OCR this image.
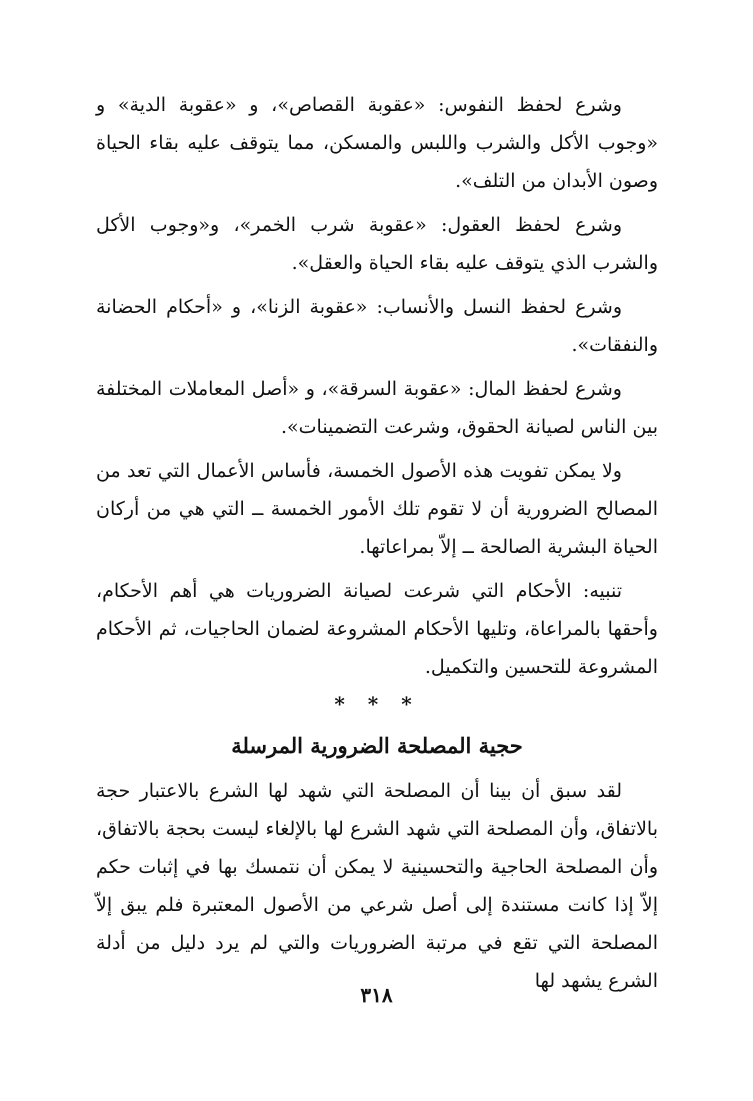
وشرع لحفظ النفوس: «عقوبة القصاص»، و «عقوبة الدية» و «وجوب الأكل والشرب واللبس والمسكن، مما يتوقف عليه بقاء الحياة وصون الأبدان من التلف».

وشرع لحفظ العقول: «عقوبة شرب الخمر»، و«وجوب الأكل والشرب الذي يتوقف عليه بقاء الحياة والعقل».

وشرع لحفظ النسل والأنساب: «عقوبة الزنا»، و «أحكام الحضانة والنفقات».

وشرع لحفظ المال: «عقوبة السرقة»، و «أصل المعاملات المختلفة بين الناس لصيانة الحقوق، وشرعت التضمينات».

ولا يمكن تفويت هذه الأصول الخمسة، فأساس الأعمال التي تعد من المصالح الضرورية أن لا تقوم تلك الأمور الخمسة ــ التي هي من أركان الحياة البشرية الصالحة ــ إلاّ بمراعاتها.

تنبيه: الأحكام التي شرعت لصيانة الضروريات هي أهم الأحكام، وأحقها بالمراعاة، وتليها الأحكام المشروعة لضمان الحاجيات، ثم الأحكام المشروعة للتحسين والتكميل.

* * *
حجية المصلحة الضرورية المرسلة

لقد سبق أن بينا أن المصلحة التي شهد لها الشرع بالاعتبار حجة بالاتفاق، وأن المصلحة التي شهد الشرع لها بالإلغاء ليست بحجة بالاتفاق، وأن المصلحة الحاجية والتحسينية لا يمكن أن نتمسك بها في إثبات حكم إلاّ إذا كانت مستندة إلى أصل شرعي من الأصول المعتبرة فلم يبق إلاّ المصلحة التي تقع في مرتبة الضروريات والتي لم يرد دليل من أدلة الشرع يشهد لها

٣١٨
